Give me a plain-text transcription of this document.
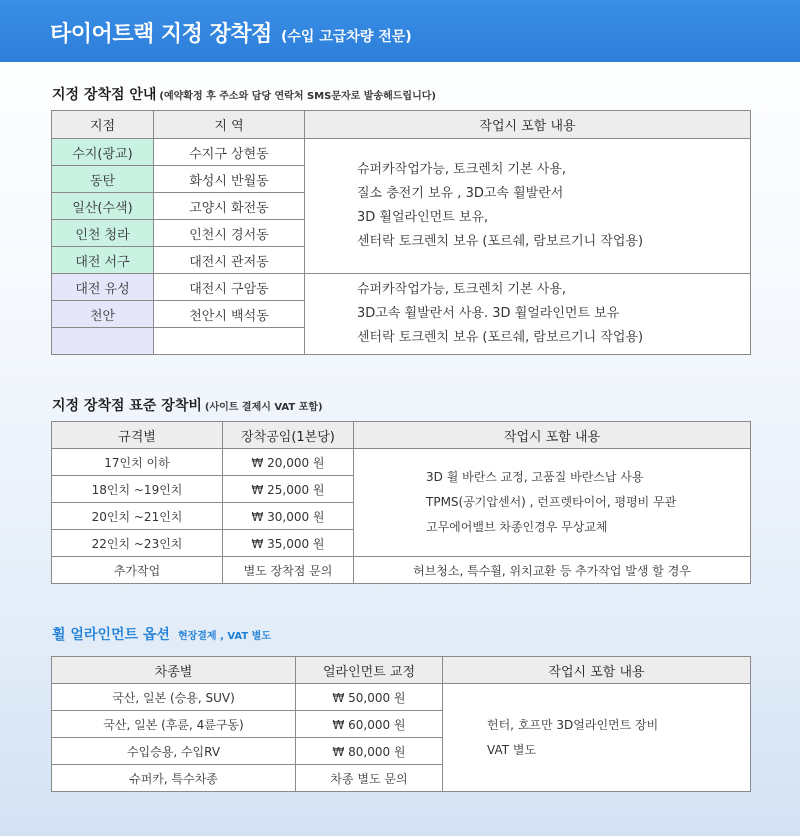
타이어트랙 지정 장착점 (수입 고급차량 전문)
지정 장착점 안내 (예약확정 후 주소와 담당 연락처 SMS문자로 발송해드립니다)
지점	지 역	작업시 포함 내용
수지(광교)	수지구 상현동	슈퍼카작업가능, 토크렌치 기본 사용,
질소 충전기 보유 , 3D고속 휠발란서
3D 휠얼라인먼트 보유,
센터락 토크렌치 보유 (포르쉐, 람보르기니 작업용)

동탄	화성시 반월동	
일산(수색)	고양시 화전동	
인천 청라	인천시 경서동	
대전 서구	대전시 관저동	
대전 유성	대전시 구암동	슈퍼카작업가능, 토크렌치 기본 사용,
3D고속 휠발란서 사용. 3D 휠얼라인먼트 보유
센터락 토크렌치 보유 (포르쉐, 람보르기니 작업용)

천안	천안시 백석동	

지정 장착점 표준 장착비 (사이트 결제시 VAT 포함)
규격별	장착공임(1본당)	작업시 포함 내용
17인치 이하	₩ 20,000 원	3D 휠 바란스 교정, 고품질 바란스납 사용
TPMS(공기압센서) , 런프렛타이어, 평평비 무관
고무에어밸브 차종인경우 무상교체

18인치 ~19인치	₩ 25,000 원	
20인치 ~21인치	₩ 30,000 원	
22인치 ~23인치	₩ 35,000 원	
추가작업	별도 장착점 문의	허브청소, 특수휠, 위치교환 등 추가작업 발생 할 경우
휠 얼라인먼트 옵션 현장결제 , VAT 별도
차종별	얼라인먼트 교정	작업시 포함 내용
국산, 일본 (승용, SUV)	₩ 50,000 원	헌터, 호프만 3D얼라인먼트 장비
VAT 별도

국산, 일본 (후륜, 4륜구동)	₩ 60,000 원	
수입승용, 수입RV	₩ 80,000 원	
슈퍼카, 특수차종	차종 별도 문의	
